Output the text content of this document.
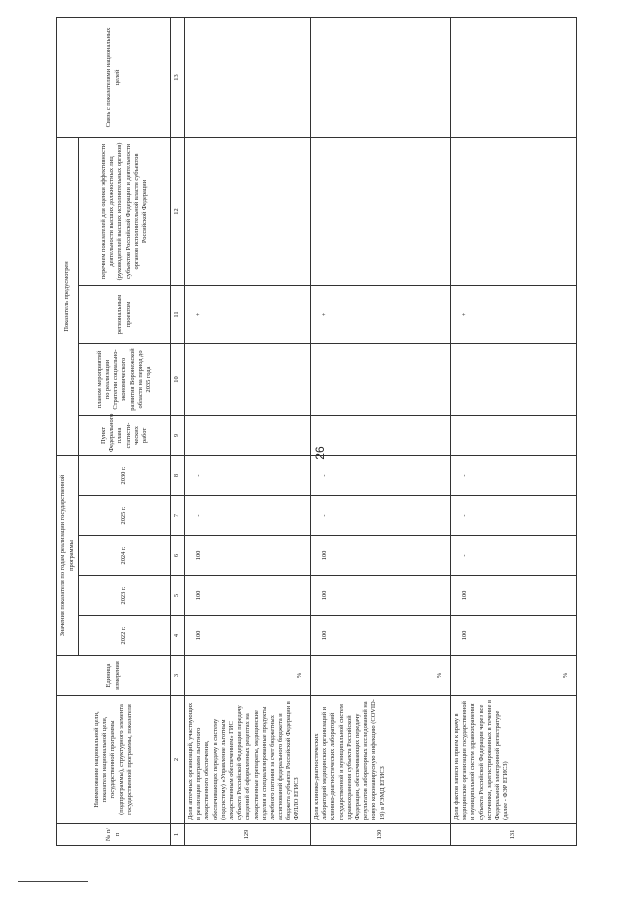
26
№ п/п	Наименование национальной цели, показателя национальной цели, государственной программы (подпрограммы), структурного элемента государственной программы, показателя	Единица измерения	Значения показателя по годам реализации государственной программы					Показатель предусмотрен				Связь с показателями национальных целей
			2022 г.	2023 г.	2024 г.	2025 г.	2030 г.	Пункт Федерального плана статисти-ческих работ	планом мероприятий по реализации Стратегии социально-экономического развития Воронежской области на период до 2035 года	региональным проектом	перечнем показателей для оценки эффективности деятельности высших должностных лиц (руководителей высших исполнительных органов) субъектов Российской Федерации и деятельности органов исполнительной власти субъектов Российской Федерации	
1	2	3	4	5	6	7	8	9	10	11	12	13
129	Доля аптечных организаций, участвующих в реализации программ льготного лекарственного обеспечения, обеспечивающих передачу в систему (подсистему) «Управление льготным лекарственным обеспечением» ГИС субъекта Российской Федерации передачу сведений об оформленных рецептах на лекарственные препараты, медицинские изделия и специализированные продукты лечебного питания за счет бюджетных ассигнований федерального бюджета и бюджета субъекта Российской Федерации в ФРЛЛО ЕГИСЗ	%	100	100	100	-	-			+		
130	Доля клинико-диагностических лабораторий медицинских организаций и клинико-диагностических лабораторий государственной и муниципальной систем здравоохранения субъекта Российской Федерации, обеспечивающих передачу результатов лабораторных исследований на новую коронавирусную инфекцию (COVID-19) в РЭМД ЕГИСЗ	%	100	100	100	-	-			+		
131	Доля фактов записи на прием к врачу в медицинские организации государственной и муниципальной систем здравоохранения субъекта Российской Федерации через все источники, зарегистрированных в течение в Федеральной электронной регистратуре (далее - ФЭР ЕГИСЗ)	%	100	100	-	-	-			+		
